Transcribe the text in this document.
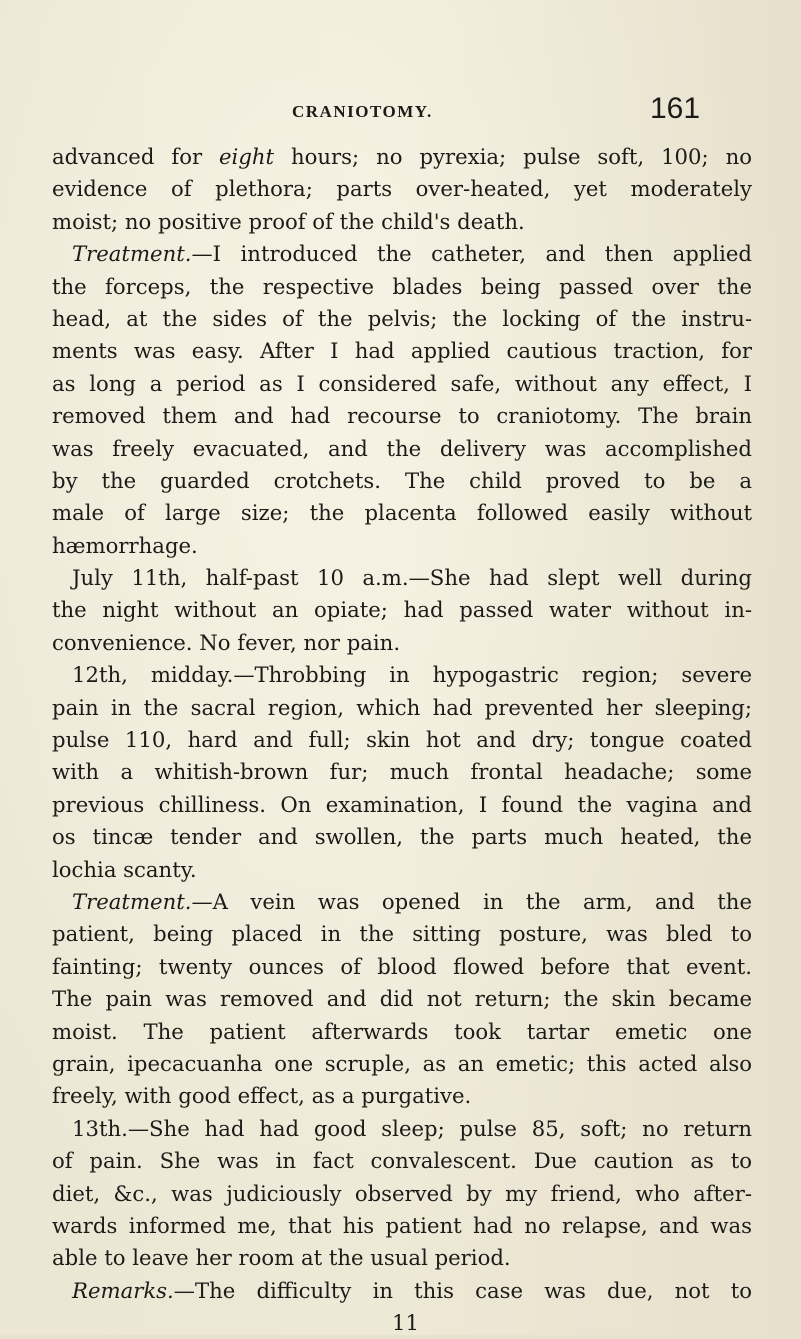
CRANIOTOMY.	161
advanced for eight hours; no pyrexia; pulse soft, 100; no
evidence of plethora; parts over-heated, yet moderately
moist; no positive proof of the child's death.
Treatment.—I introduced the catheter, and then applied
the forceps, the respective blades being passed over the
head, at the sides of the pelvis; the locking of the instru-
ments was easy. After I had applied cautious traction, for
as long a period as I considered safe, without any effect, I
removed them and had recourse to craniotomy. The brain
was freely evacuated, and the delivery was accomplished
by the guarded crotchets. The child proved to be a
male of large size; the placenta followed easily without
hæmorrhage.
July 11th, half-past 10 a.m.—She had slept well during
the night without an opiate; had passed water without in-
convenience. No fever, nor pain.
12th, midday.—Throbbing in hypogastric region; severe
pain in the sacral region, which had prevented her sleeping;
pulse 110, hard and full; skin hot and dry; tongue coated
with a whitish-brown fur; much frontal headache; some
previous chilliness. On examination, I found the vagina and
os tincæ tender and swollen, the parts much heated, the
lochia scanty.
Treatment.—A vein was opened in the arm, and the
patient, being placed in the sitting posture, was bled to
fainting; twenty ounces of blood flowed before that event.
The pain was removed and did not return; the skin became
moist. The patient afterwards took tartar emetic one
grain, ipecacuanha one scruple, as an emetic; this acted also
freely, with good effect, as a purgative.
13th.—She had had good sleep; pulse 85, soft; no return
of pain. She was in fact convalescent. Due caution as to
diet, &c., was judiciously observed by my friend, who after-
wards informed me, that his patient had no relapse, and was
able to leave her room at the usual period.
Remarks.—The difficulty in this case was due, not to
11
